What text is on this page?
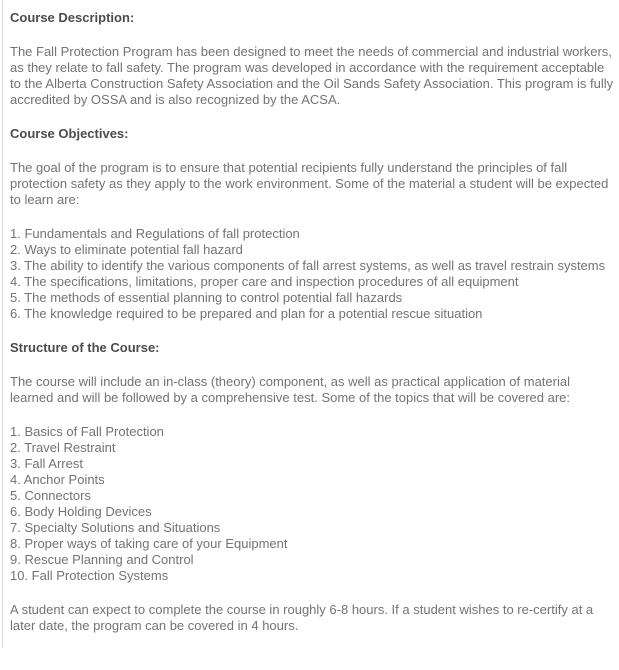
Course Description:
The Fall Protection Program has been designed to meet the needs of commercial and industrial workers, as they relate to fall safety. The program was developed in accordance with the requirement acceptable to the Alberta Construction Safety Association and the Oil Sands Safety Association. This program is fully accredited by OSSA and is also recognized by the ACSA.
Course Objectives:
The goal of the program is to ensure that potential recipients fully understand the principles of fall protection safety as they apply to the work environment. Some of the material a student will be expected to learn are:
1. Fundamentals and Regulations of fall protection
2. Ways to eliminate potential fall hazard
3. The ability to identify the various components of fall arrest systems, as well as travel restrain systems
4. The specifications, limitations, proper care and inspection procedures of all equipment
5. The methods of essential planning to control potential fall hazards
6. The knowledge required to be prepared and plan for a potential rescue situation
Structure of the Course:
The course will include an in-class (theory) component, as well as practical application of material learned and will be followed by a comprehensive test. Some of the topics that will be covered are:
1. Basics of Fall Protection
2. Travel Restraint
3. Fall Arrest
4. Anchor Points
5. Connectors
6. Body Holding Devices
7. Specialty Solutions and Situations
8. Proper ways of taking care of your Equipment
9. Rescue Planning and Control
10. Fall Protection Systems
A student can expect to complete the course in roughly 6-8 hours. If a student wishes to re-certify at a later date, the program can be covered in 4 hours.
